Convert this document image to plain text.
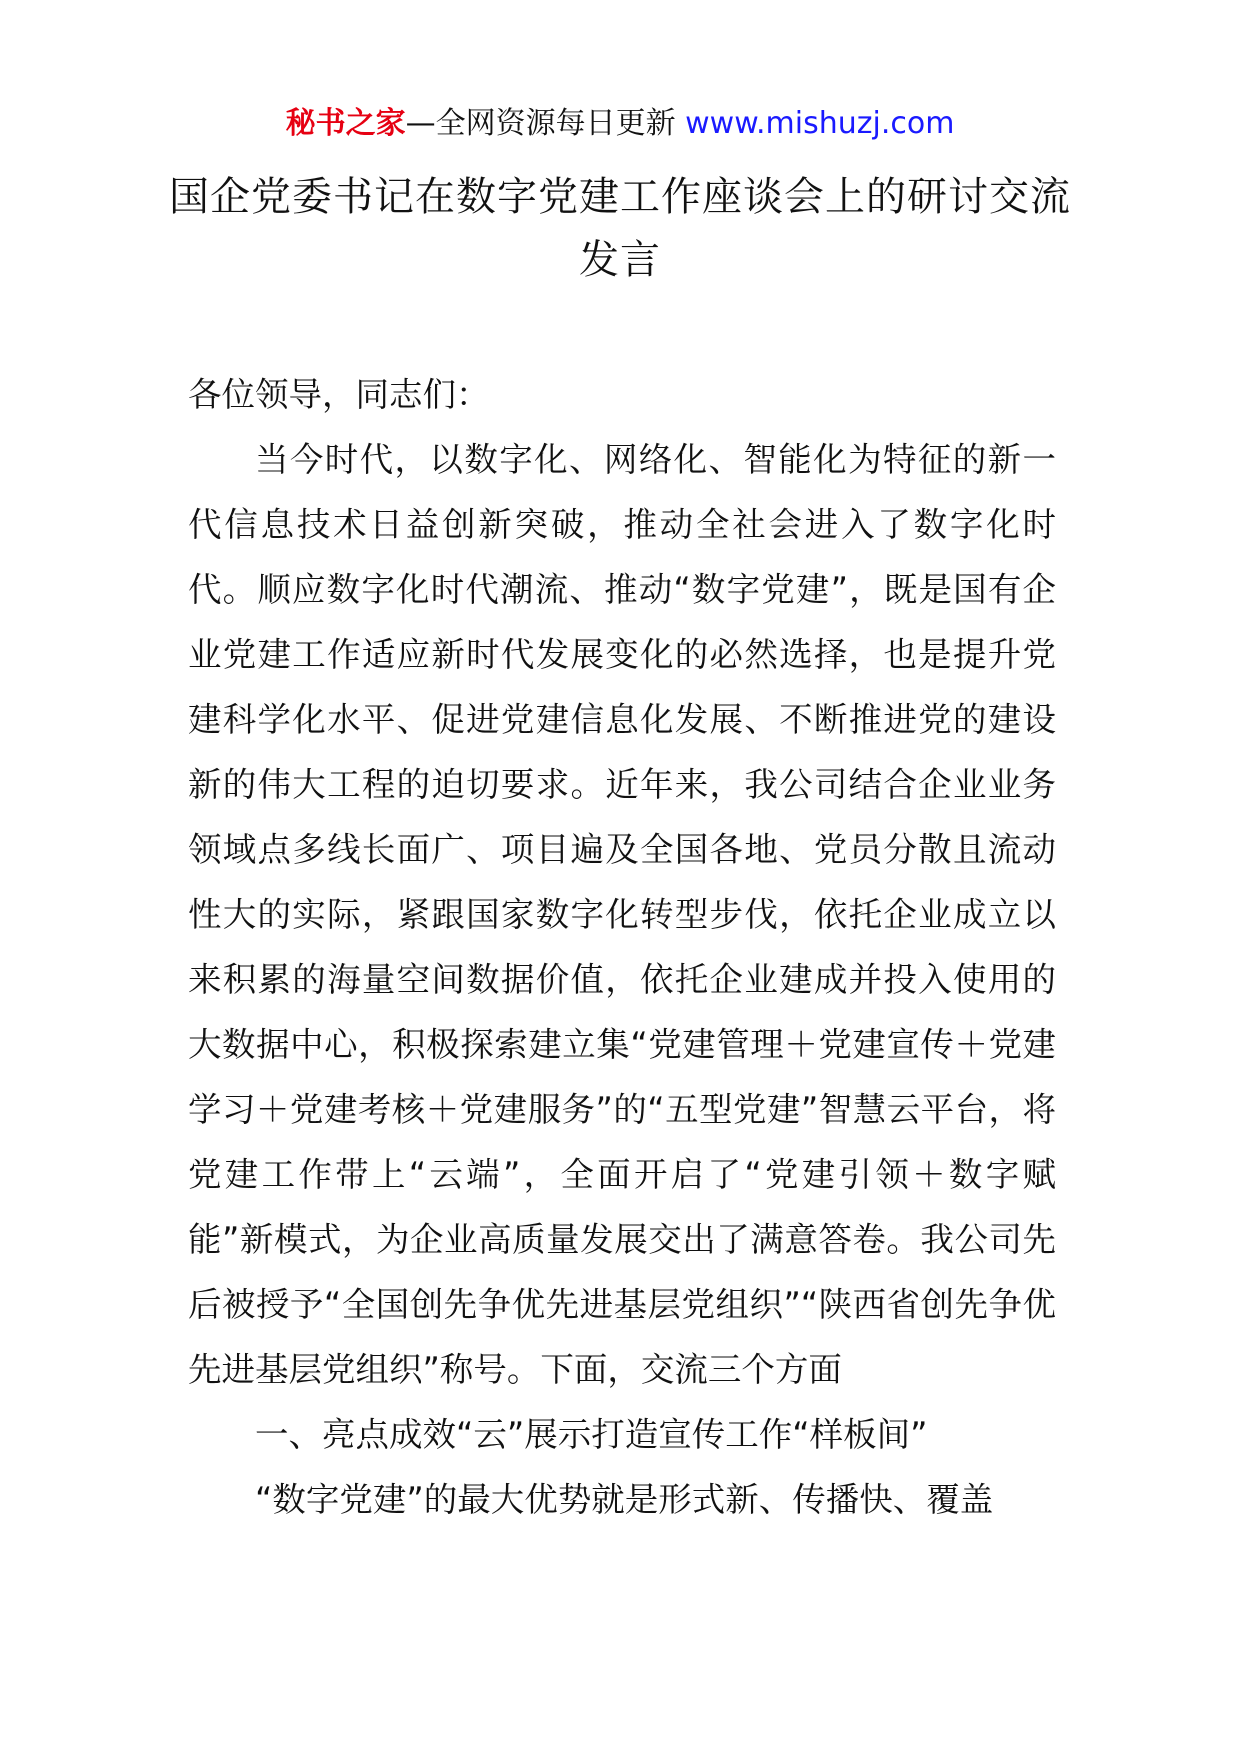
秘书之家—全网资源每日更新 www.mishuzj.com
国企党委书记在数字党建工作座谈会上的研讨交流发言

各位领导，同志们：

当今时代，以数字化、网络化、智能化为特征的新一代信息技术日益创新突破，推动全社会进入了数字化时代。顺应数字化时代潮流、推动“数字党建”，既是国有企业党建工作适应新时代发展变化的必然选择，也是提升党建科学化水平、促进党建信息化发展、不断推进党的建设新的伟大工程的迫切要求。近年来，我公司结合企业业务领域点多线长面广、项目遍及全国各地、党员分散且流动性大的实际，紧跟国家数字化转型步伐，依托企业成立以来积累的海量空间数据价值，依托企业建成并投入使用的大数据中心，积极探索建立集“党建管理＋党建宣传＋党建学习＋党建考核＋党建服务”的“五型党建”智慧云平台，将党建工作带上“云端”，全面开启了“党建引领＋数字赋能”新模式，为企业高质量发展交出了满意答卷。我公司先后被授予“全国创先争优先进基层党组织”“陕西省创先争优先进基层党组织”称号。下面，交流三个方面

一、亮点成效“云”展示打造宣传工作“样板间”

“数字党建”的最大优势就是形式新、传播快、覆盖
